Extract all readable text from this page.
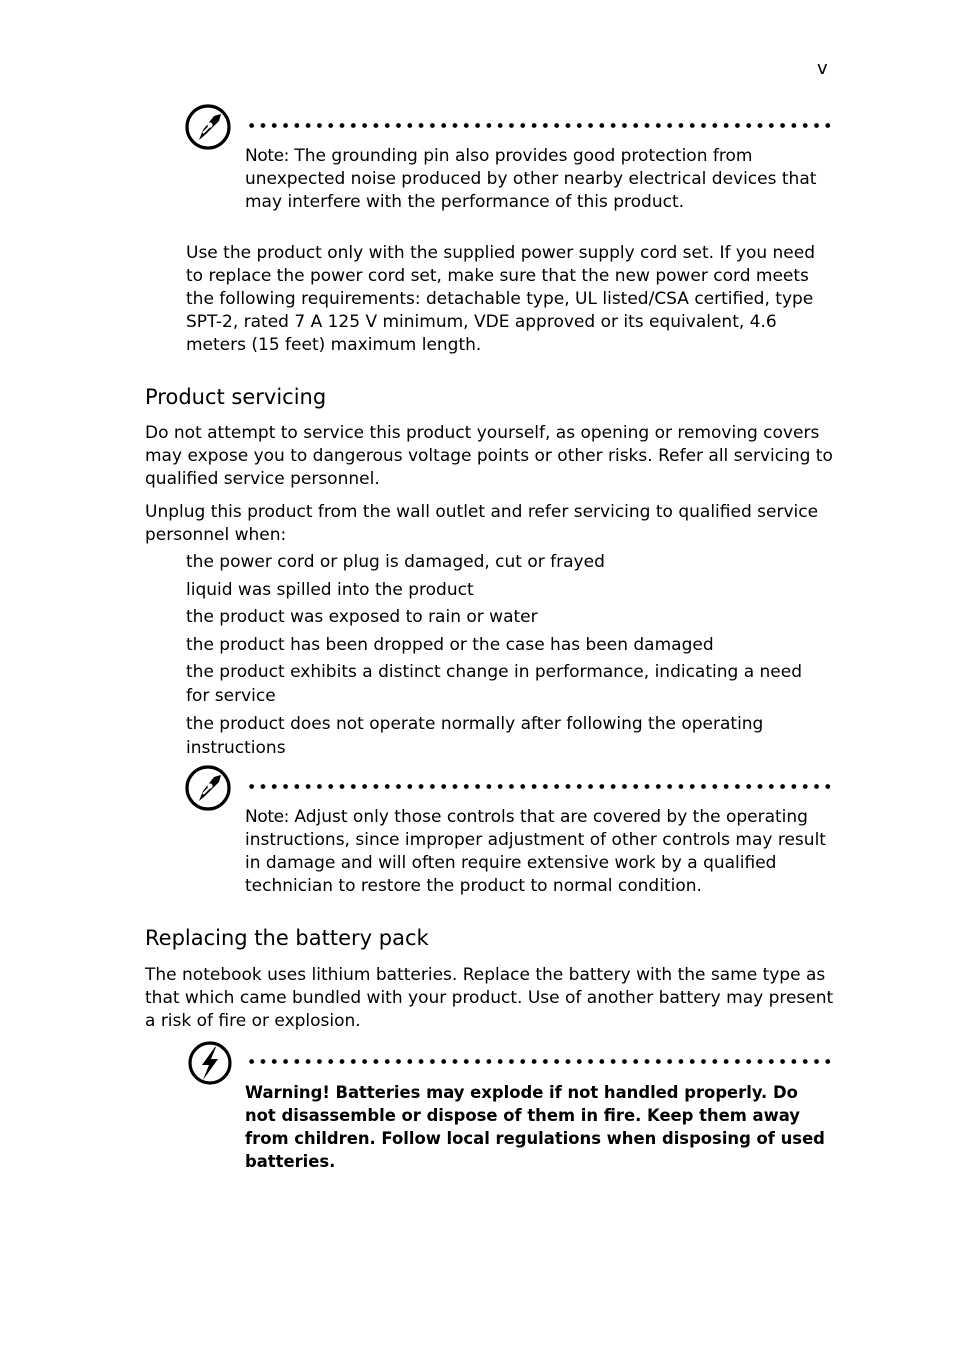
v
Note: The grounding pin also provides good protection from unexpected noise produced by other nearby electrical devices that may interfere with the performance of this product.

Use the product only with the supplied power supply cord set. If you need to replace the power cord set, make sure that the new power cord meets the following requirements: detachable type, UL listed/CSA certified, type SPT-2, rated 7 A 125 V minimum, VDE approved or its equivalent, 4.6 meters (15 feet) maximum length.

Product servicing

Do not attempt to service this product yourself, as opening or removing covers may expose you to dangerous voltage points or other risks. Refer all servicing to qualified service personnel.

Unplug this product from the wall outlet and refer servicing to qualified service personnel when:

the power cord or plug is damaged, cut or frayed
liquid was spilled into the product
the product was exposed to rain or water
the product has been dropped or the case has been damaged
the product exhibits a distinct change in performance, indicating a need for service
the product does not operate normally after following the operating instructions
Note: Adjust only those controls that are covered by the operating instructions, since improper adjustment of other controls may result in damage and will often require extensive work by a qualified technician to restore the product to normal condition.
Replacing the battery pack

The notebook uses lithium batteries. Replace the battery with the same type as that which came bundled with your product. Use of another battery may present a risk of fire or explosion.

Warning! Batteries may explode if not handled properly. Do not disassemble or dispose of them in fire. Keep them away from children. Follow local regulations when disposing of used batteries.
